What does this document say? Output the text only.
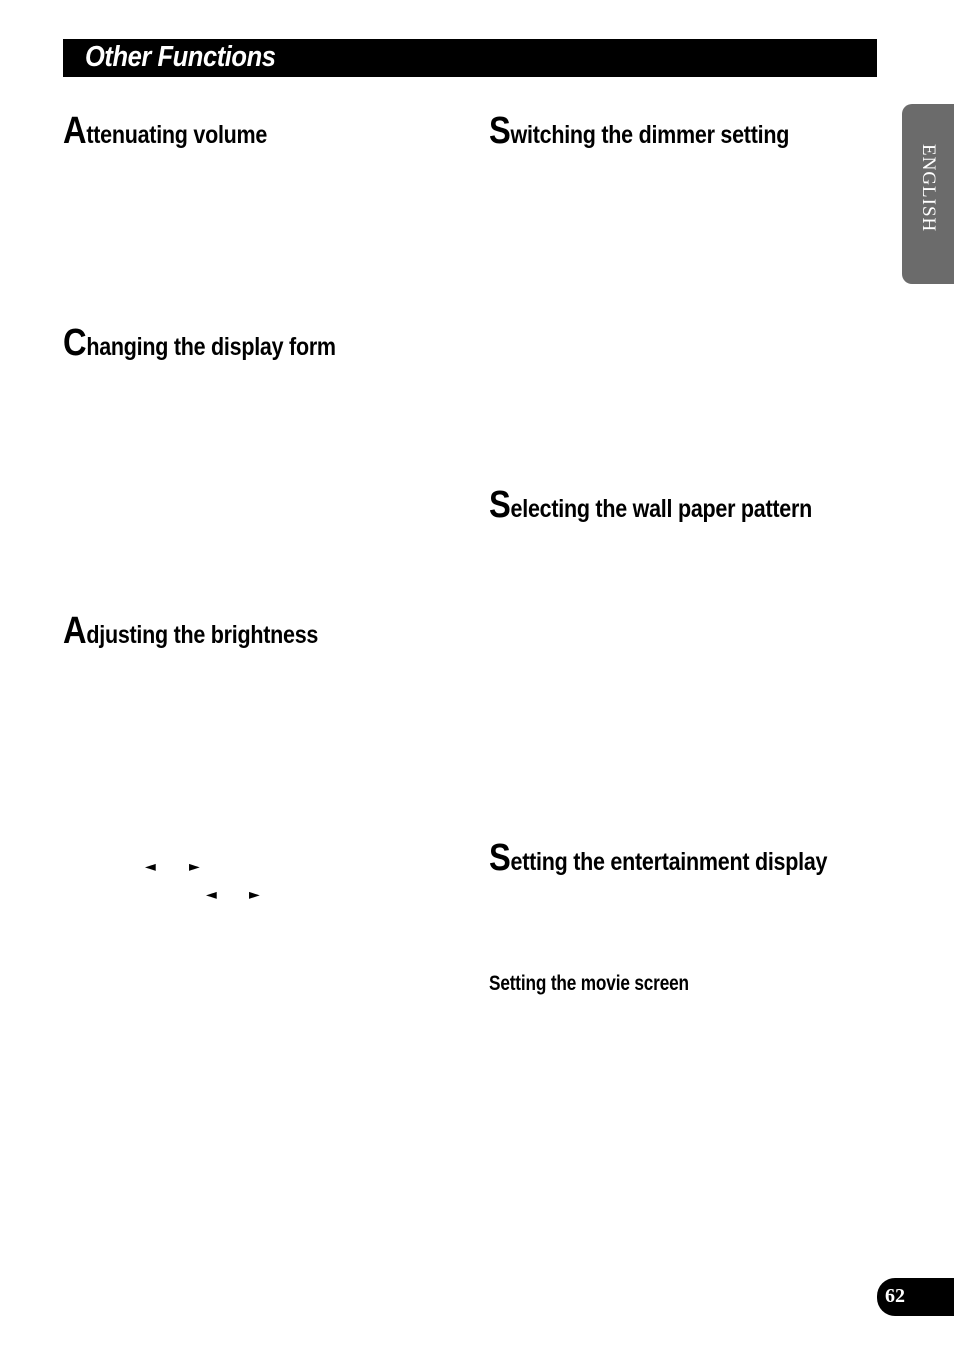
Other Functions
ENGLISH
Attenuating volume
Changing the display form
Adjusting the brightness
◄ ►
◄ ►
Switching the dimmer setting
Selecting the wall paper pattern
Setting the entertainment display
Setting the movie screen
62
